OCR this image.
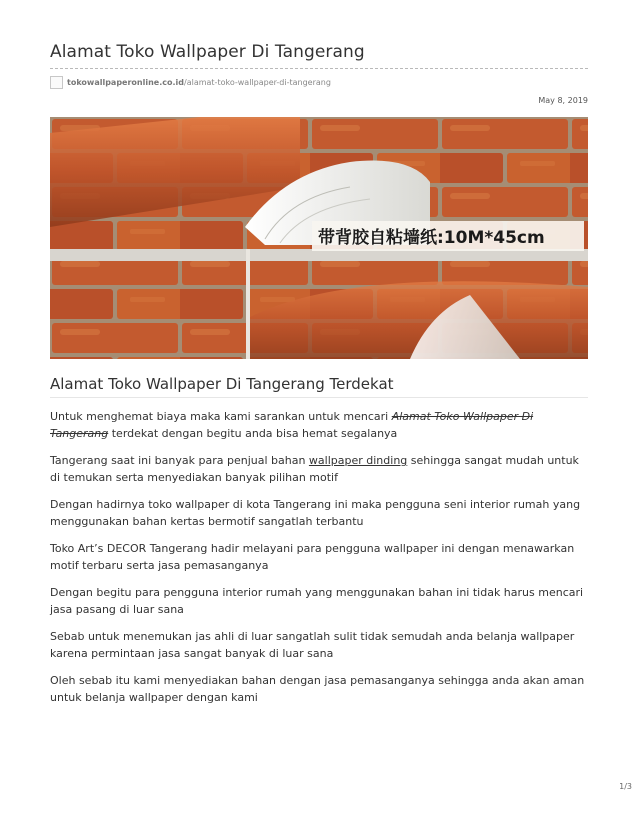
Alamat Toko Wallpaper Di Tangerang
tokowallpaperonline.co.id /alamat-toko-wallpaper-di-tangerang
May 8, 2019
带背胶自粘墙纸:10M*45cm
Alamat Toko Wallpaper Di Tangerang Terdekat

Untuk menghemat biaya maka kami sarankan untuk mencari Alamat Toko Wallpaper Di Tangerang terdekat dengan begitu anda bisa hemat segalanya

Tangerang saat ini banyak para penjual bahan wallpaper dinding sehingga sangat mudah untuk di temukan serta menyediakan banyak pilihan motif

Dengan hadirnya toko wallpaper di kota Tangerang ini maka pengguna seni interior rumah yang menggunakan bahan kertas bermotif sangatlah terbantu

Toko Art’s DECOR Tangerang hadir melayani para pengguna wallpaper ini dengan menawarkan motif terbaru serta jasa pemasanganya

Dengan begitu para pengguna interior rumah yang menggunakan bahan ini tidak harus mencari jasa pasang di luar sana

Sebab untuk menemukan jas ahli di luar sangatlah sulit tidak semudah anda belanja wallpaper karena permintaan jasa sangat banyak di luar sana

Oleh sebab itu kami menyediakan bahan dengan jasa pemasanganya sehingga anda akan aman untuk belanja wallpaper dengan kami

1/3
